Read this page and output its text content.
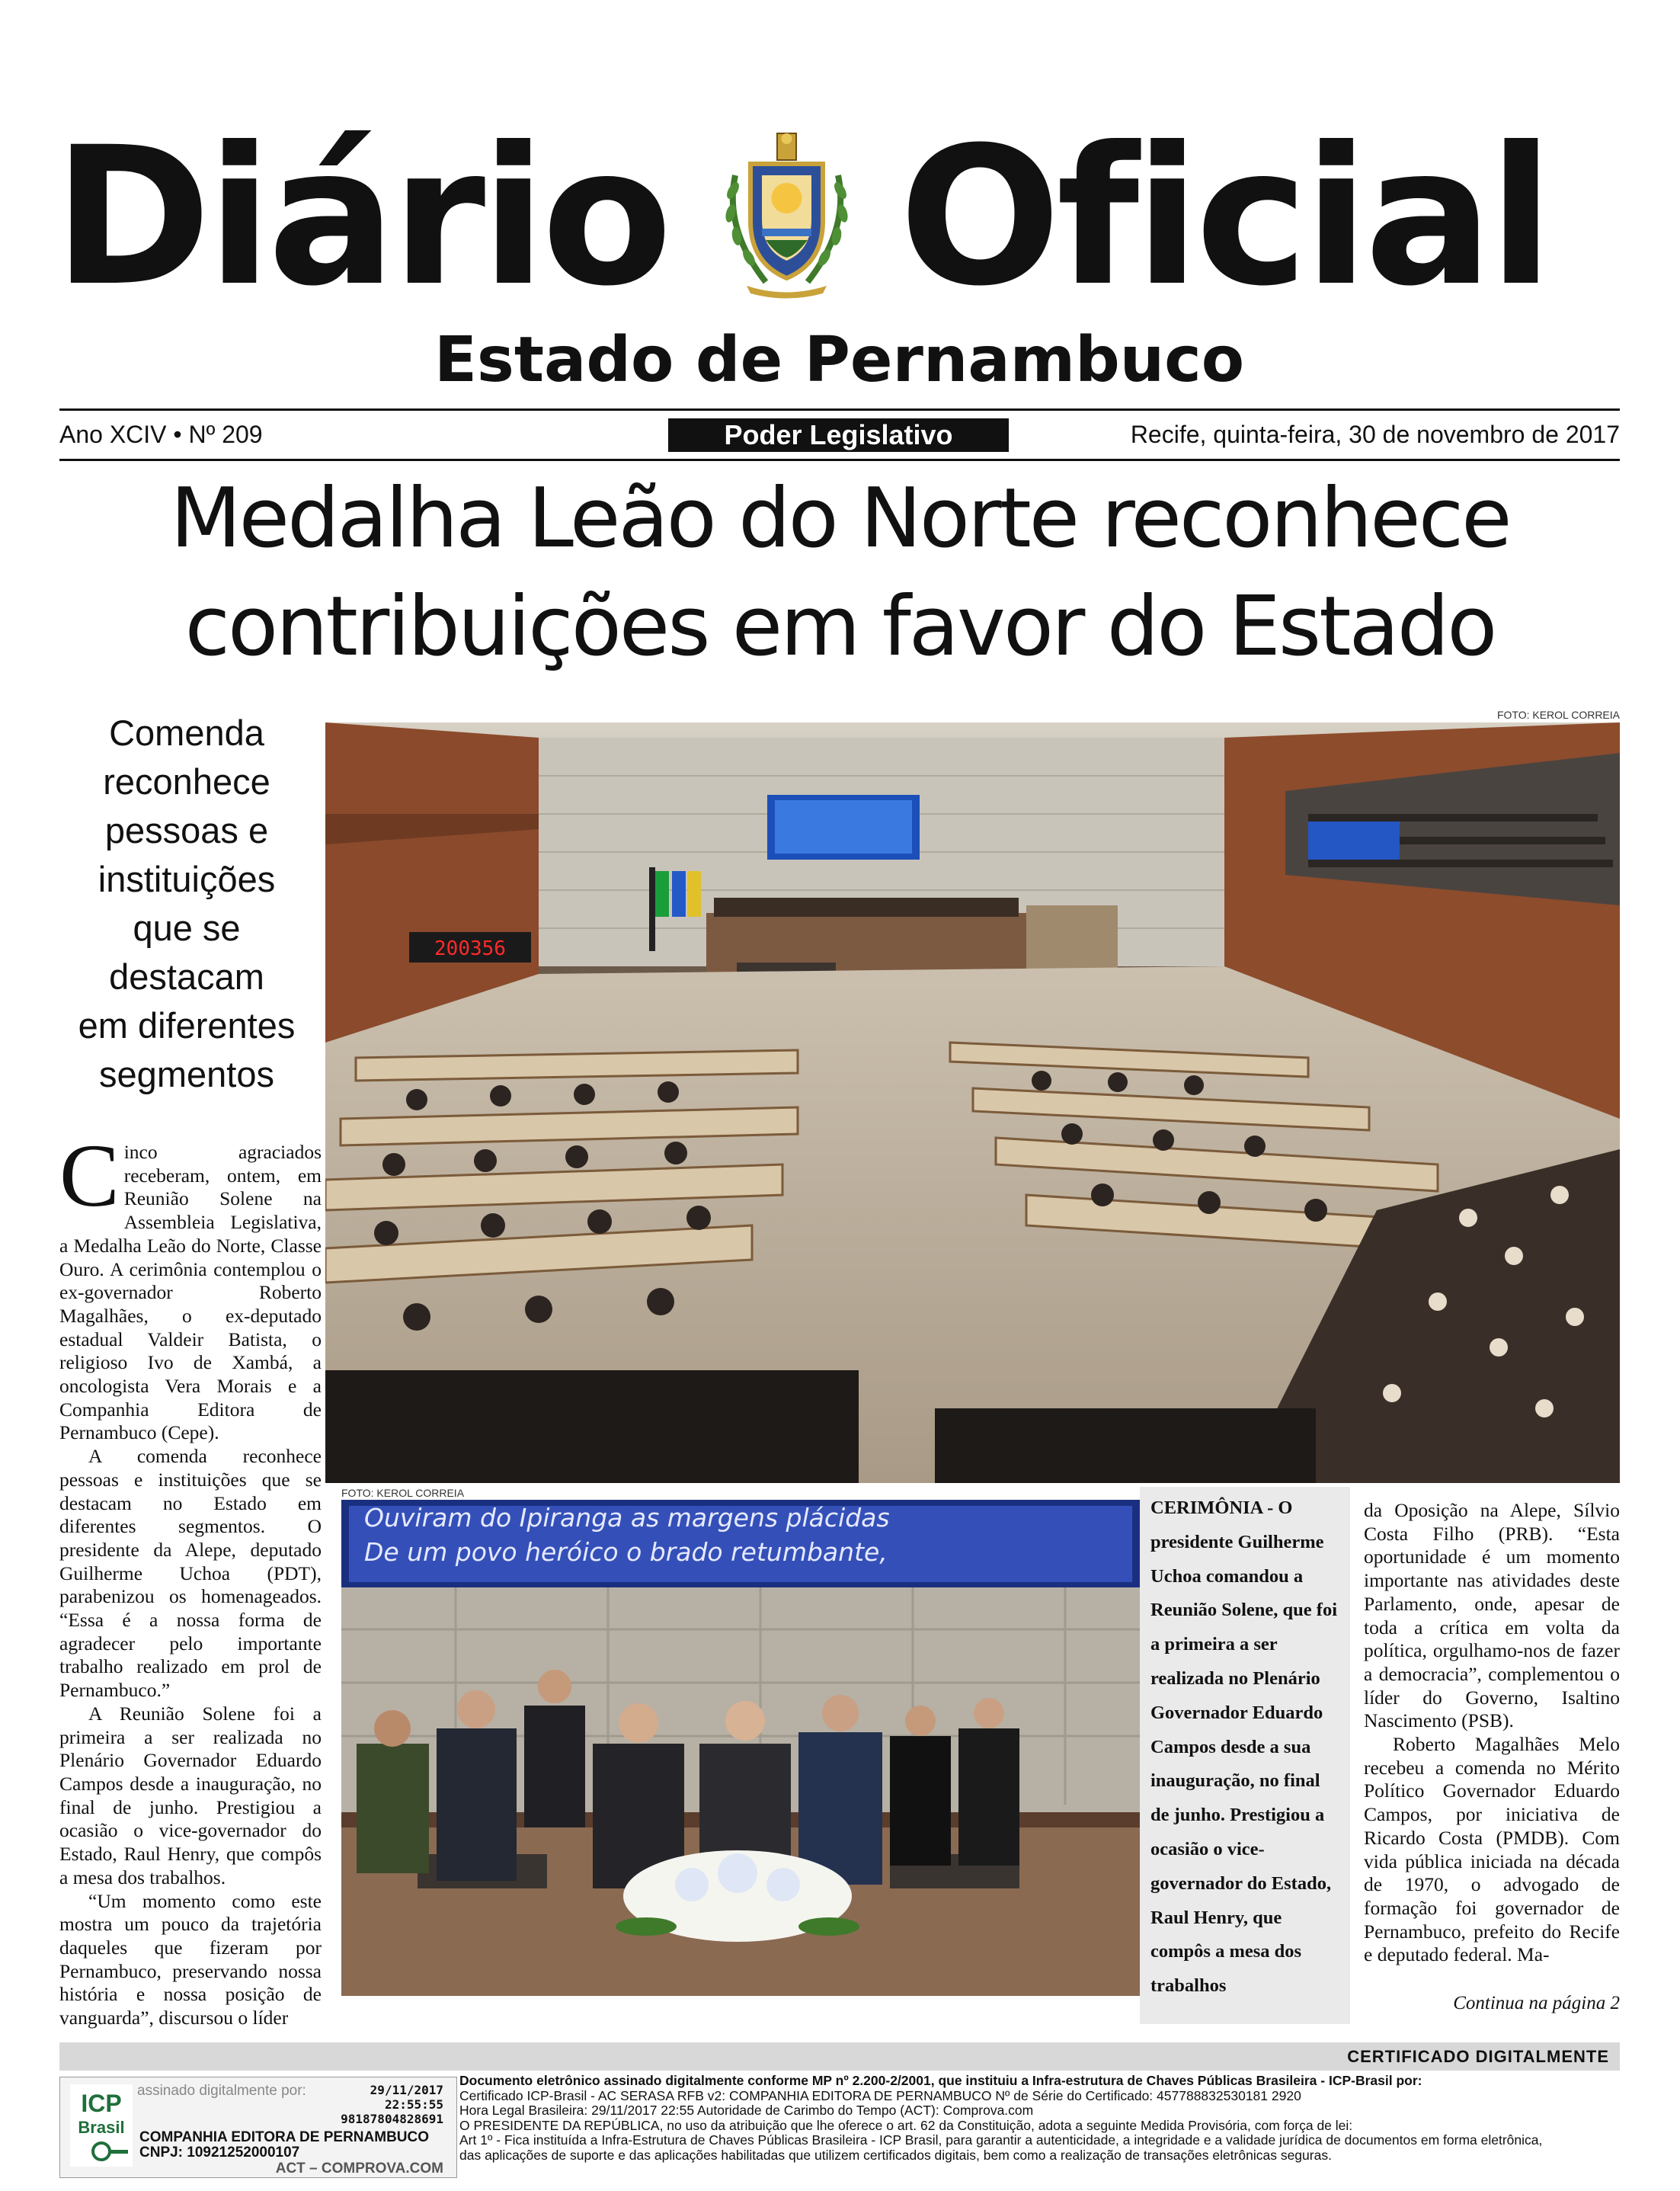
Diário Oficial
Estado de Pernambuco
Ano XCIV • Nº 209	Poder Legislativo	Recife, quinta-feira, 30 de novembro de 2017
Medalha Leão do Norte reconhece
contribuições em favor do Estado
Comenda
reconhece
pessoas e
instituições
que se
destacam
em diferentes
segmentos

Cinco agraciados receberam, ontem, em Reunião Solene na Assembleia Legislativa, a Medalha Leão do Norte, Classe Ouro. A cerimônia contemplou o ex-governador Roberto Magalhães, o ex-deputado estadual Valdeir Batista, o religioso Ivo de Xambá, a oncologista Vera Morais e a Companhia Editora de Pernambuco (Cepe).

A comenda reconhece pessoas e instituições que se destacam no Estado em diferentes segmentos. O presidente da Alepe, deputado Guilherme Uchoa (PDT), parabenizou os homenageados. “Essa é a nossa forma de agradecer pelo importante trabalho realizado em prol de Pernambuco.”

A Reunião Solene foi a primeira a ser realizada no Plenário Governador Eduardo Campos desde a inauguração, no final de junho. Prestigiou a ocasião o vice-governador do Estado, Raul Henry, que compôs a mesa dos trabalhos.

“Um momento como este mostra um pouco da trajetória daqueles que fizeram por Pernambuco, preservando nossa história e nossa posição de vanguarda”, discursou o líder

FOTO: KEROL CORREIA
200356
FOTO: KEROL CORREIA
Ouviram do Ipiranga as margens plácidas
De um povo heróico o brado retumbante,
CERIMÔNIA - O presidente Guilherme Uchoa comandou a Reunião Solene, que foi a primeira a ser realizada no Plenário Governador Eduardo Campos desde a sua inauguração, no final de junho. Prestigiou a ocasião o vice-governador do Estado, Raul Henry, que compôs a mesa dos trabalhos

da Oposição na Alepe, Sílvio Costa Filho (PRB). “Esta oportunidade é um momento importante nas atividades deste Parlamento, onde, apesar de toda a crítica em volta da política, orgulhamo-nos de fazer a democracia”, complementou o líder do Governo, Isaltino Nascimento (PSB).

Roberto Magalhães Melo recebeu a comenda no Mérito Político Governador Eduardo Campos, por iniciativa de Ricardo Costa (PMDB). Com vida pública iniciada na década de 1970, o advogado de formação foi governador de Pernambuco, prefeito do Recife e deputado federal. Ma-

Continua na página 2
CERTIFICADO DIGITALMENTE
ICP
Brasil
assinado digitalmente por:	29/11/2017
22:55:55
98187804828691
COMPANHIA EDITORA DE PERNAMBUCO
CNPJ: 10921252000107
ACT – COMPROVA.COM
Documento eletrônico assinado digitalmente conforme MP nº 2.200-2/2001, que instituiu a Infra-estrutura de Chaves Públicas Brasileira - ICP-Brasil por:
Certificado ICP-Brasil - AC SERASA RFB v2: COMPANHIA EDITORA DE PERNAMBUCO Nº de Série do Certificado: 457788832530181 2920
Hora Legal Brasileira: 29/11/2017 22:55 Autoridade de Carimbo do Tempo (ACT): Comprova.com
O PRESIDENTE DA REPÚBLICA, no uso da atribuição que lhe oferece o art. 62 da Constituição, adota a seguinte Medida Provisória, com força de lei:
Art 1º - Fica instituída a Infra-Estrutura de Chaves Públicas Brasileira - ICP Brasil, para garantir a autenticidade, a integridade e a validade jurídica de documentos em forma eletrônica,
das aplicações de suporte e das aplicações habilitadas que utilizem certificados digitais, bem como a realização de transações eletrônicas seguras.
